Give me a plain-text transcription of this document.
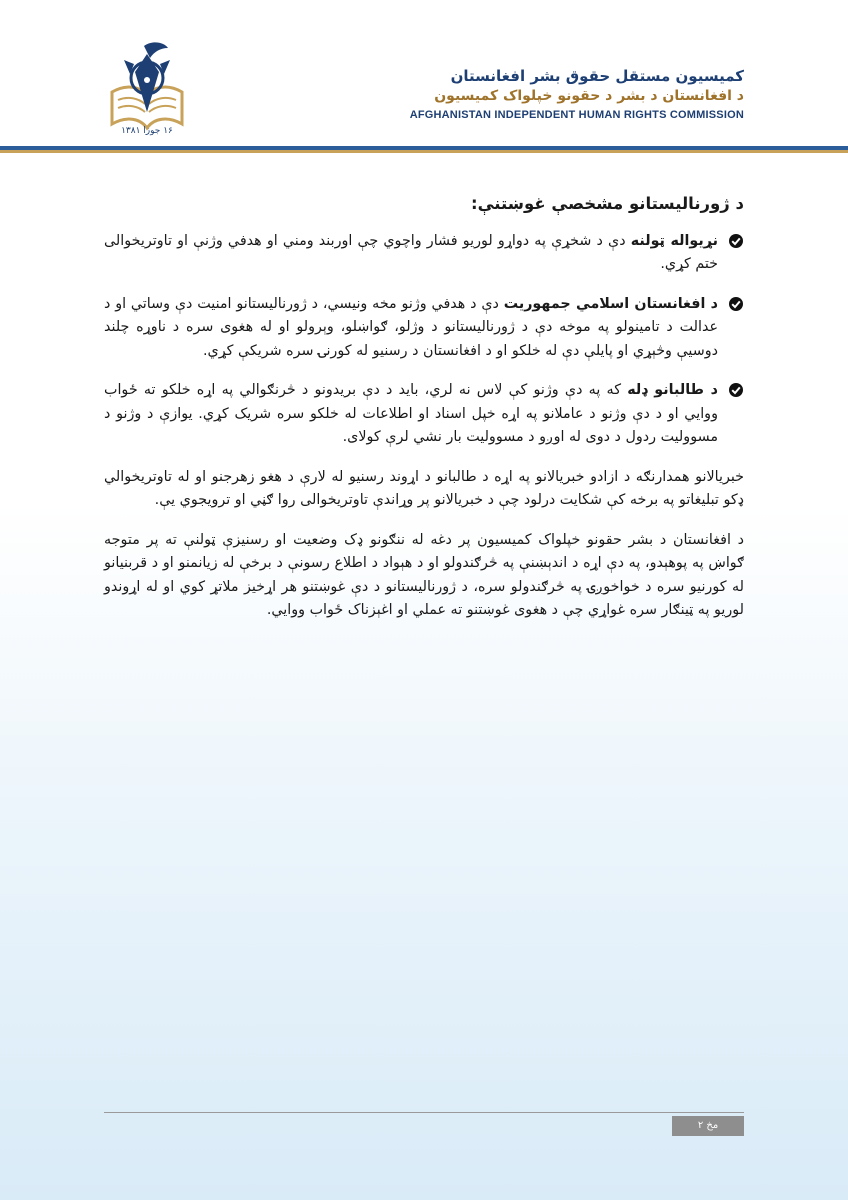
۱۶ جوزا ۱۳۸۱
کمیسیون مستقل حقوق بشر افغانستان
د افغانستان د بشر د حقونو خپلواک کمیسیون
AFGHANISTAN INDEPENDENT HUMAN RIGHTS COMMISSION
د ژورنالیستانو مشخصې غوښتنې:
نړیواله ټولنه دې د شخړې په دواړو لوریو فشار واچوي چې اوربند ومني او هدفي وژنې او تاوتریخوالی ختم کړي.
د افغانستان اسلامي جمهوریت دې د هدفي وژنو مخه ونیسي، د ژورنالیستانو امنیت دې وساتي او د عدالت د تامینولو په موخه دې د ژورنالیستانو د وژلو، ګواښلو، وېرولو او له هغوی سره د ناوړه چلند دوسیې وڅېړي او پایلې دې له خلکو او د افغانستان د رسنیو له کورنۍ سره شریکې کړي.
د طالبانو ډله که په دې وژنو کې لاس نه لري، باید د دې بریدونو د څرنګوالي په اړه خلکو ته ځواب ووایي او د دې وژنو د عاملانو په اړه خپل اسناد او اطلاعات له خلکو سره شریک کړي. یوازې د وژنو د مسوولیت ردول د دوی له اوږو د مسوولیت بار نشي لرې کولای.

خبریالانو همدارنګه د ازادو خبریالانو په اړه د طالبانو د اړوند رسنیو له لارې د هغو زهرجنو او له تاوتریخوالي ډکو تبلیغاتو په برخه کې شکایت درلود چې د خبریالانو پر وړاندې تاوتریخوالی روا ګڼي او ترویجوي يې.

د افغانستان د بشر حقونو خپلواک کمیسیون پر دغه له ننګونو ډک وضعیت او رسنیزې ټولنې ته پر متوجه ګواښ په پوهېدو، په دې اړه د اندېښنې په څرګندولو او د هېواد د اطلاع رسونې د برخې له زیانمنو او د قربنیانو له کورنیو سره د خواخوږۍ په څرګندولو سره، د ژورنالیستانو د دې غوښتنو هر اړخیز ملاتړ کوي او له اړوندو لوریو په ټینګار سره غواړي چې د هغوی غوښتنو ته عملي او اغېزناک ځواب ووایي.

مخ ۲
